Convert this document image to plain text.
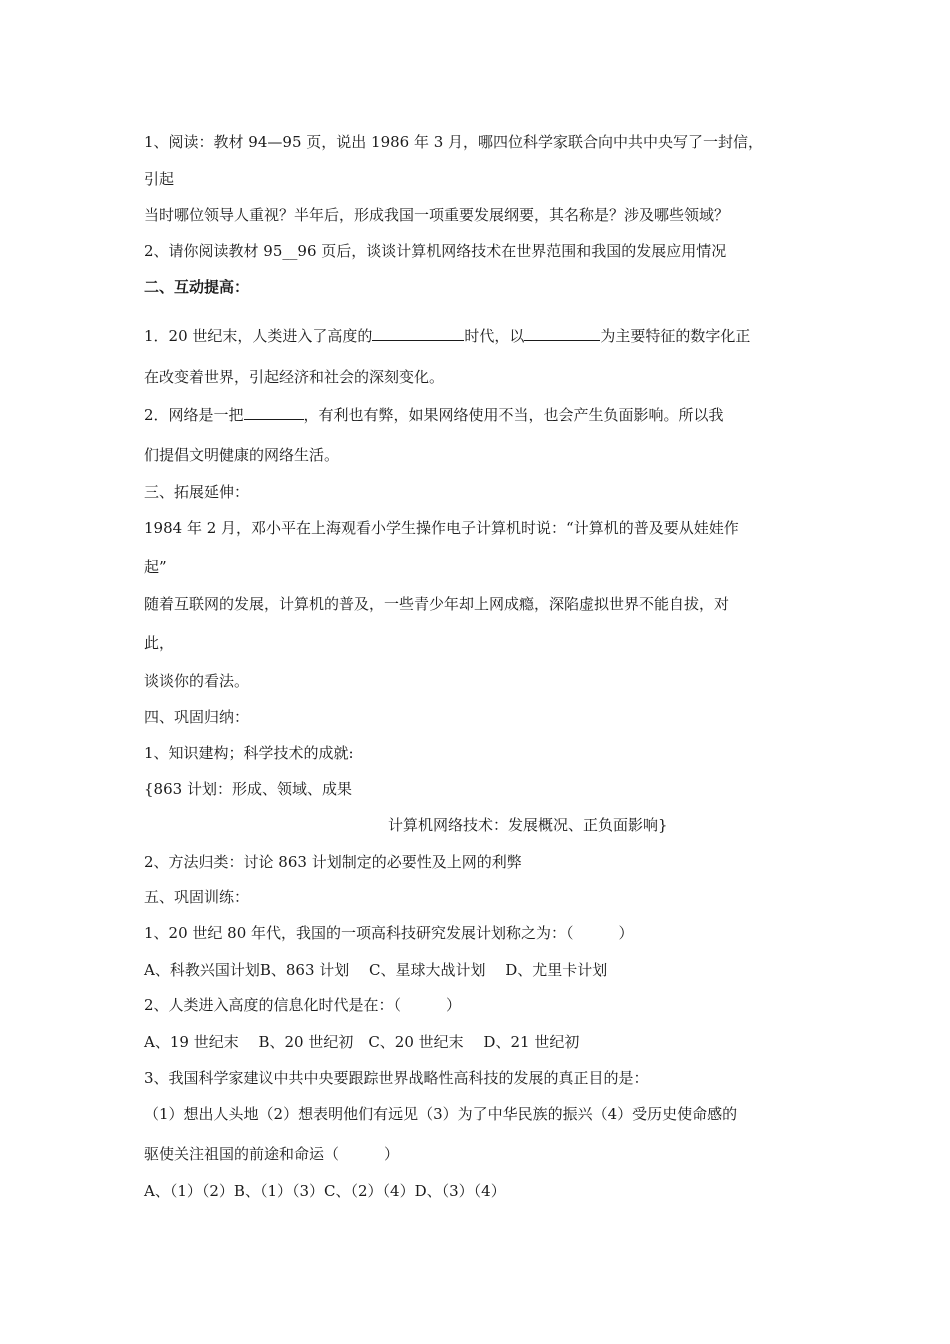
1、阅读：教材 94—95 页，说出 1986 年 3 月，哪四位科学家联合向中共中央写了一封信，
引起
当时哪位领导人重视？半年后，形成我国一项重要发展纲要，其名称是？涉及哪些领域？
2、请你阅读教材 95__96 页后，谈谈计算机网络技术在世界范围和我国的发展应用情况
二、互动提高：
1．20 世纪末，人类进入了高度的	时代，以	为主要特征的数字化正
在改变着世界，引起经济和社会的深刻变化。
2．网络是一把	，有利也有弊，如果网络使用不当，也会产生负面影响。所以我
们提倡文明健康的网络生活。
三、拓展延伸：
1984 年 2 月，邓小平在上海观看小学生操作电子计算机时说：“计算机的普及要从娃娃作
起”
随着互联网的发展，计算机的普及，一些青少年却上网成瘾，深陷虚拟世界不能自拔，对
此，
谈谈你的看法。
四、巩固归纳：
1、知识建构；科学技术的成就:
{863 计划：形成、领域、成果
计算机网络技术：发展概况、正负面影响}
2、方法归类：讨论 863 计划制定的必要性及上网的利弊
五、巩固训练：
1、20 世纪 80 年代，我国的一项高科技研究发展计划称之为：（　　　）
A、科教兴国计划B、863 计划　 C、星球大战计划　 D、尤里卡计划
2、人类进入高度的信息化时代是在：（　　　）
A、19 世纪末　 B、20 世纪初　C、20 世纪末　 D、21 世纪初
3、我国科学家建议中共中央要跟踪世界战略性高科技的发展的真正目的是：
（1）想出人头地（2）想表明他们有远见（3）为了中华民族的振兴（4）受历史使命感的
驱使关注祖国的前途和命运（　　　）
A、（1）（2）B、（1）（3）C、（2）（4）D、（3）（4）
